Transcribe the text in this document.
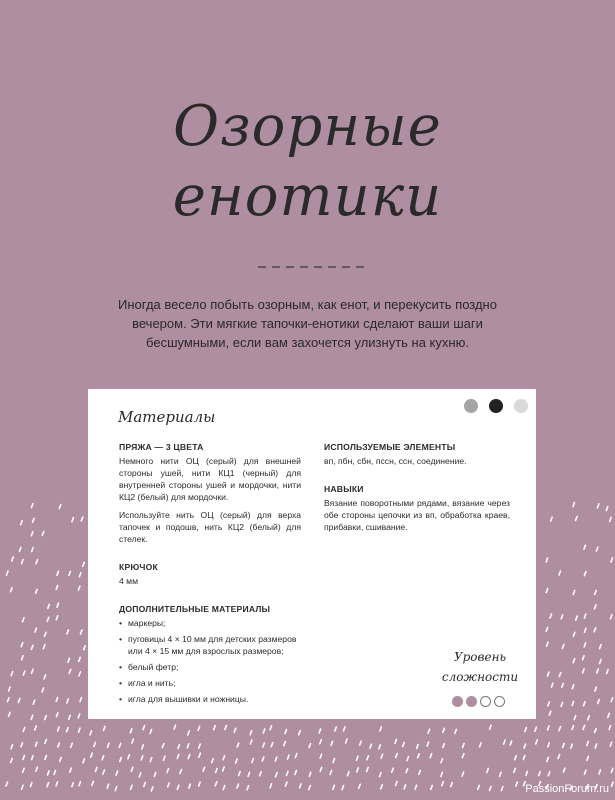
Озорные
енотики
Иногда весело побыть озорным, как енот, и перекусить поздно вечером. Эти мягкие тапочки-енотики сделают ваши шаги бесшумными, если вам захочется улизнуть на кухню.
Материалы
ПРЯЖА — 3 ЦВЕТА

Немного нити ОЦ (серый) для внешней стороны ушей, нити КЦ1 (черный) для внутренней стороны ушей и мордочки, нити КЦ2 (белый) для мордочки.

Используйте нить ОЦ (серый) для верха тапочек и подошв, нить КЦ2 (белый) для стелек.

КРЮЧОК

4 мм

ДОПОЛНИТЕЛЬНЫЕ МАТЕРИАЛЫ
• маркеры;
• пуговицы 4 × 10 мм для детских размеров или 4 × 15 мм для взрослых размеров;
• белый фетр;
• игла и нить;
• игла для вышивки и ножницы.
ИСПОЛЬЗУЕМЫЕ ЭЛЕМЕНТЫ

вп, пбн, сбн, пссн, ссн, соединение.

НАВЫКИ

Вязание поворотными рядами, вязание через обе стороны цепочки из вп, обработка краев, прибавки, сшивание.

Уровень
сложности
PassionForum.ru
